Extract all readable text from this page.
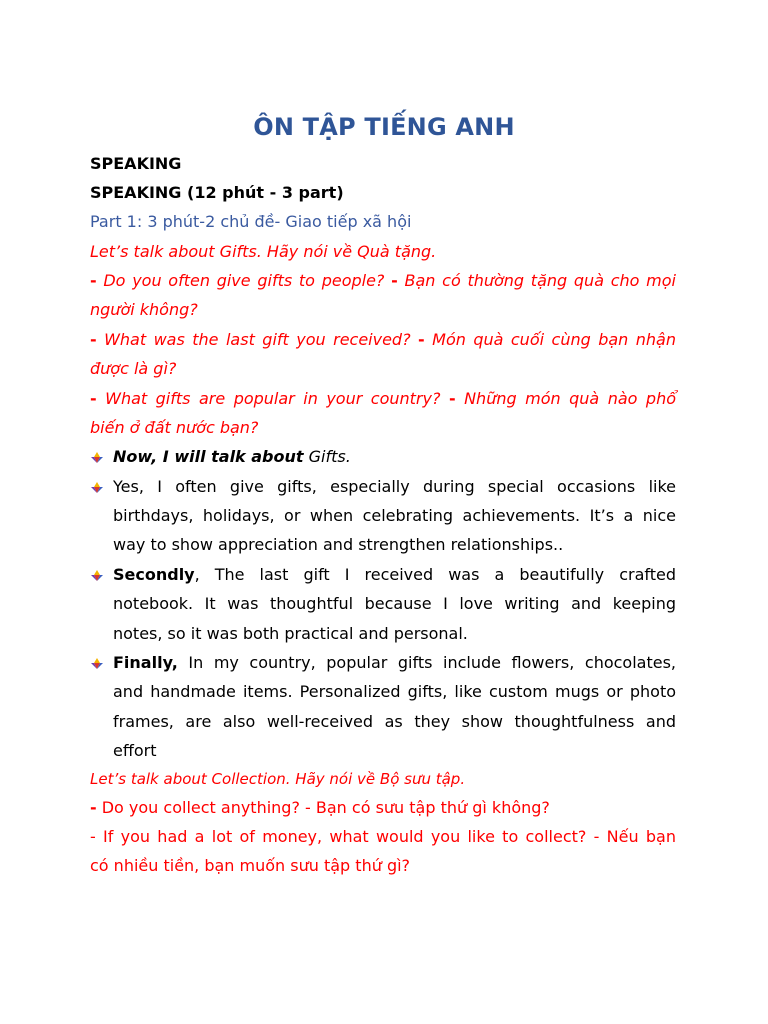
ÔN TẬP TIẾNG ANH
SPEAKING
SPEAKING (12 phút - 3 part)
Part 1: 3 phút-2 chủ đề- Giao tiếp xã hội
Let’s talk about Gifts. Hãy nói về Quà tặng.
- Do you often give gifts to people? - Bạn có thường tặng quà cho mọi
người không?
- What was the last gift you received? - Món quà cuối cùng bạn nhận
được là gì?
- What gifts are popular in your country? - Những món quà nào phổ
biến ở đất nước bạn?
Now, I will talk about Gifts.
Yes, I often give gifts, especially during special occasions like
birthdays, holidays, or when celebrating achievements. It’s a nice
way to show appreciation and strengthen relationships..
Secondly, The last gift I received was a beautifully crafted
notebook. It was thoughtful because I love writing and keeping
notes, so it was both practical and personal.
Finally, In my country, popular gifts include flowers, chocolates,
and handmade items. Personalized gifts, like custom mugs or photo
frames, are also well-received as they show thoughtfulness and
effort
Let’s talk about Collection. Hãy nói về Bộ sưu tập.
- Do you collect anything? - Bạn có sưu tập thứ gì không?
- If you had a lot of money, what would you like to collect? - Nếu bạn
có nhiều tiền, bạn muốn sưu tập thứ gì?
